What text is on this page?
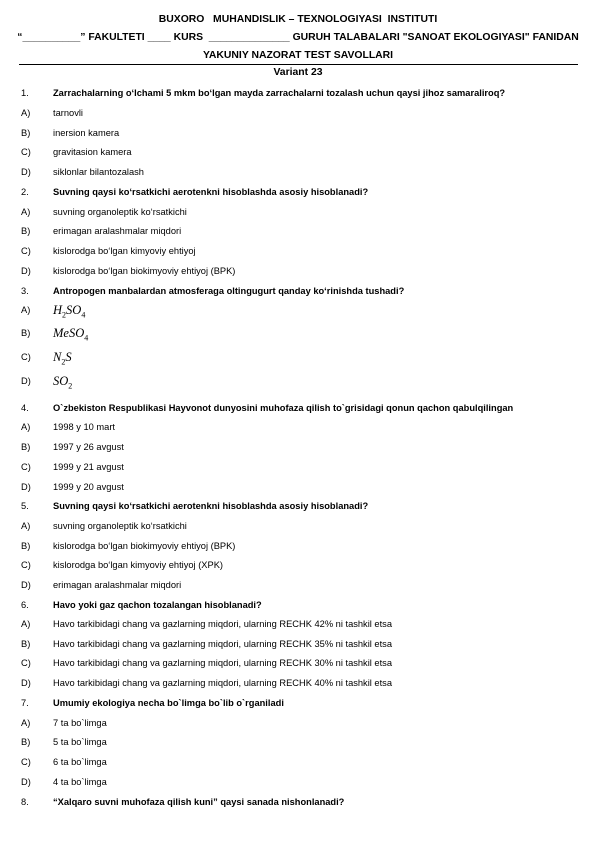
BUXORO   MUHANDISLIK – TEXNOLOGIYASI  INSTITUTI
“__________” FAKULTETI ____ KURS  ______________ GURUH TALABALARI "SANOAT EKOLOGIYASI" FANIDAN
YAKUNIY NAZORAT TEST SAVOLLARI
Variant 23
1.	Zarrachalarning o‘lchami 5 mkm bo‘lgan mayda zarrachalarni tozalash uchun qaysi jihoz samaraliroq?
A) tarnovli
B) inersion kamera
C) gravitasion kamera
D) siklonlar bilantozalash
2.	Suvning qaysi ko‘rsatkichi aerotenkni hisoblashda asosiy hisoblanadi?
A) suvning organoleptik ko‘rsatkichi
B) erimagan aralashmalar miqdori
C) kislorodga bo‘lgan kimyoviy ehtiyoj
D) kislorodga bo‘lgan biokimyoviy ehtiyoj (BPK)
3.	Antropogen manbalardan atmosferaga oltingugurt qanday ko‘rinishda tushadi?
A) $H_2SO_4$
B) MeSO$_4$
C) $N_2S$
D) $SO_2$
4.	O`zbekiston Respublikasi Hayvonot dunyosini muhofaza qilish to`grisidagi qonun qachon qabulqilingan
A) 1998 y 10 mart
B) 1997 y 26 avgust
C) 1999 y 21 avgust
D) 1999 y 20 avgust
5.	Suvning qaysi ko‘rsatkichi aerotenkni hisoblashda asosiy hisoblanadi?
A) suvning organoleptik ko‘rsatkichi
B) kislorodga bo‘lgan biokimyoviy ehtiyoj (BPK)
C) kislorodga bo‘lgan kimyoviy ehtiyoj (XPK)
D) erimagan aralashmalar miqdori
6.	Havo yoki gaz qachon tozalangan hisoblanadi?
A) Havo tarkibidagi chang va gazlarning miqdori, ularning RECHK 42% ni tashkil etsa
B) Havo tarkibidagi chang va gazlarning miqdori, ularning RECHK 35% ni tashkil etsa
C) Havo tarkibidagi chang va gazlarning miqdori, ularning RECHK 30% ni tashkil etsa
D) Havo tarkibidagi chang va gazlarning miqdori, ularning RECHK 40% ni tashkil etsa
7.	Umumiy ekologiya necha bo`limga bo`lib o`rganiladi
A) 7 ta bo`limga
B) 5 ta bo`limga
C) 6 ta bo`limga
D) 4 ta bo`limga
8.	“Xalqaro suvni muhofaza qilish kuni” qaysi sanada nishonlanadi?
